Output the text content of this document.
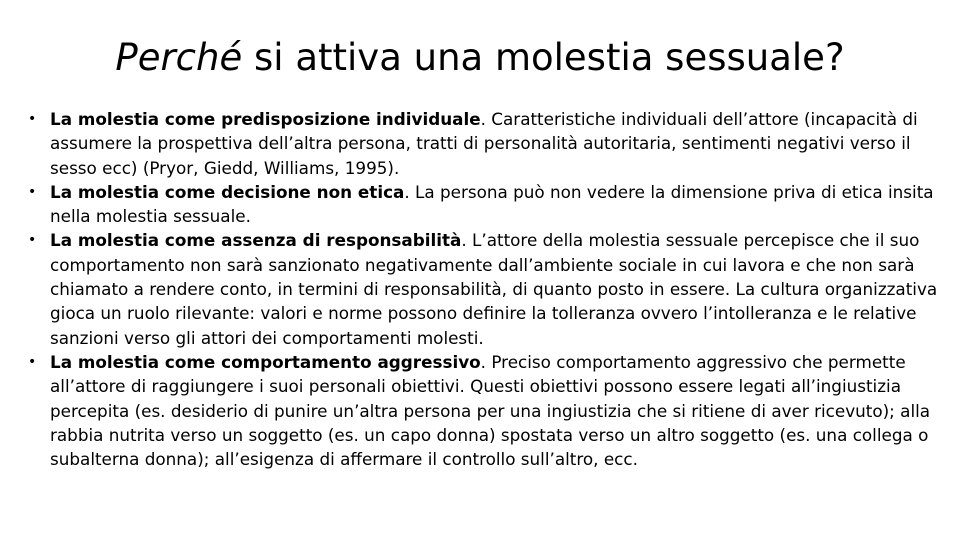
Perché si attiva una molestia sessuale?
• La molestia come predisposizione individuale. Caratteristiche individuali dell’attore (incapacità di assumere la prospettiva dell’altra persona, tratti di personalità autoritaria, sentimenti negativi verso il sesso ecc) (Pryor, Giedd, Williams, 1995).
• La molestia come decisione non etica. La persona può non vedere la dimensione priva di etica insita nella molestia sessuale.
• La molestia come assenza di responsabilità. L’attore della molestia sessuale percepisce che il suo comportamento non sarà sanzionato negativamente dall’ambiente sociale in cui lavora e che non sarà chiamato a rendere conto, in termini di responsabilità, di quanto posto in essere. La cultura organizzativa gioca un ruolo rilevante: valori e norme possono definire la tolleranza ovvero l’intolleranza e le relative sanzioni verso gli attori dei comportamenti molesti.
• La molestia come comportamento aggressivo. Preciso comportamento aggressivo che permette all’attore di raggiungere i suoi personali obiettivi. Questi obiettivi possono essere legati all’ingiustizia percepita (es. desiderio di punire un’altra persona per una ingiustizia che si ritiene di aver ricevuto); alla rabbia nutrita verso un soggetto (es. un capo donna) spostata verso un altro soggetto (es. una collega o subalterna donna); all’esigenza di affermare il controllo sull’altro, ecc.
